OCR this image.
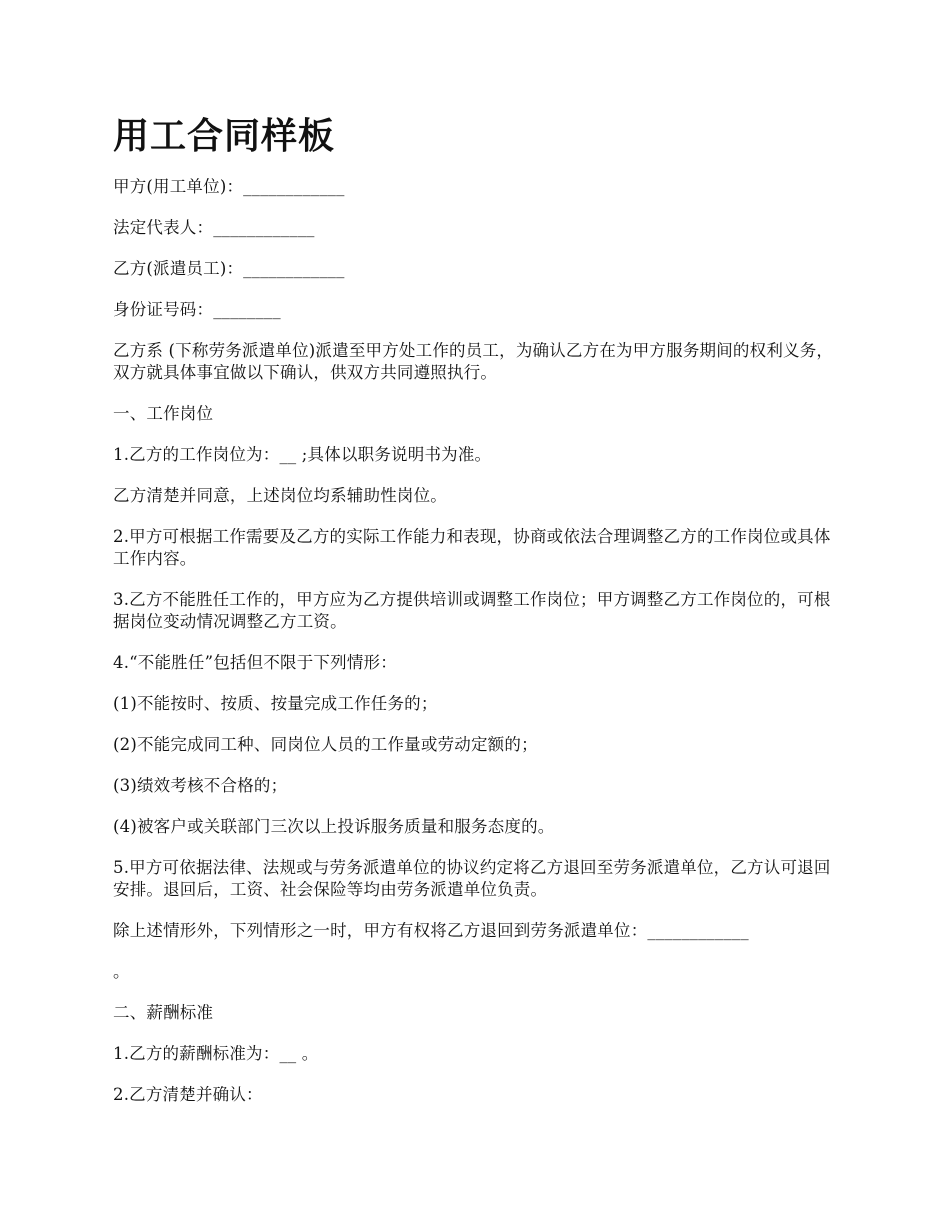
用工合同样板

甲方(用工单位)：____________

法定代表人：____________

乙方(派遣员工)：____________

身份证号码：________

乙方系 (下称劳务派遣单位)派遣至甲方处工作的员工，为确认乙方在为甲方服务期间的权利义务，双方就具体事宜做以下确认，供双方共同遵照执行。

一、工作岗位

1.乙方的工作岗位为：__ ;具体以职务说明书为准。

乙方清楚并同意，上述岗位均系辅助性岗位。

2.甲方可根据工作需要及乙方的实际工作能力和表现，协商或依法合理调整乙方的工作岗位或具体工作内容。

3.乙方不能胜任工作的，甲方应为乙方提供培训或调整工作岗位；甲方调整乙方工作岗位的，可根据岗位变动情况调整乙方工资。

4.“不能胜任”包括但不限于下列情形：

(1)不能按时、按质、按量完成工作任务的；

(2)不能完成同工种、同岗位人员的工作量或劳动定额的；

(3)绩效考核不合格的；

(4)被客户或关联部门三次以上投诉服务质量和服务态度的。

5.甲方可依据法律、法规或与劳务派遣单位的协议约定将乙方退回至劳务派遣单位，乙方认可退回安排。退回后，工资、社会保险等均由劳务派遣单位负责。

除上述情形外，下列情形之一时，甲方有权将乙方退回到劳务派遣单位：____________

。

二、薪酬标准

1.乙方的薪酬标准为：__ 。

2.乙方清楚并确认：
